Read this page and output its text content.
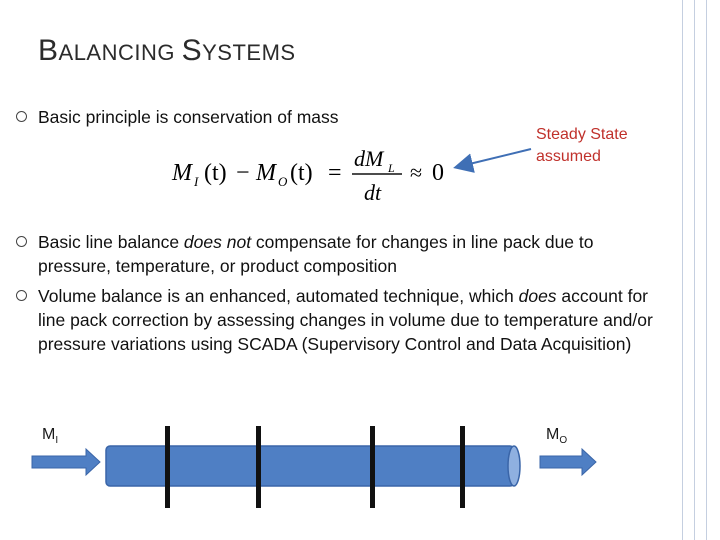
BALANCING SYSTEMS
Basic principle is conservation of mass
M I (t) − M O (t) =
dM L
dt
≈ 0
Steady State
assumed
Basic line balance does not compensate for changes in line pack due to pressure, temperature, or product composition
Volume balance is an enhanced, automated technique, which does account for line pack correction by assessing changes in volume due to temperature and/or pressure variations using SCADA (Supervisory Control and Data Acquisition)
$M_I$	$M_O$
